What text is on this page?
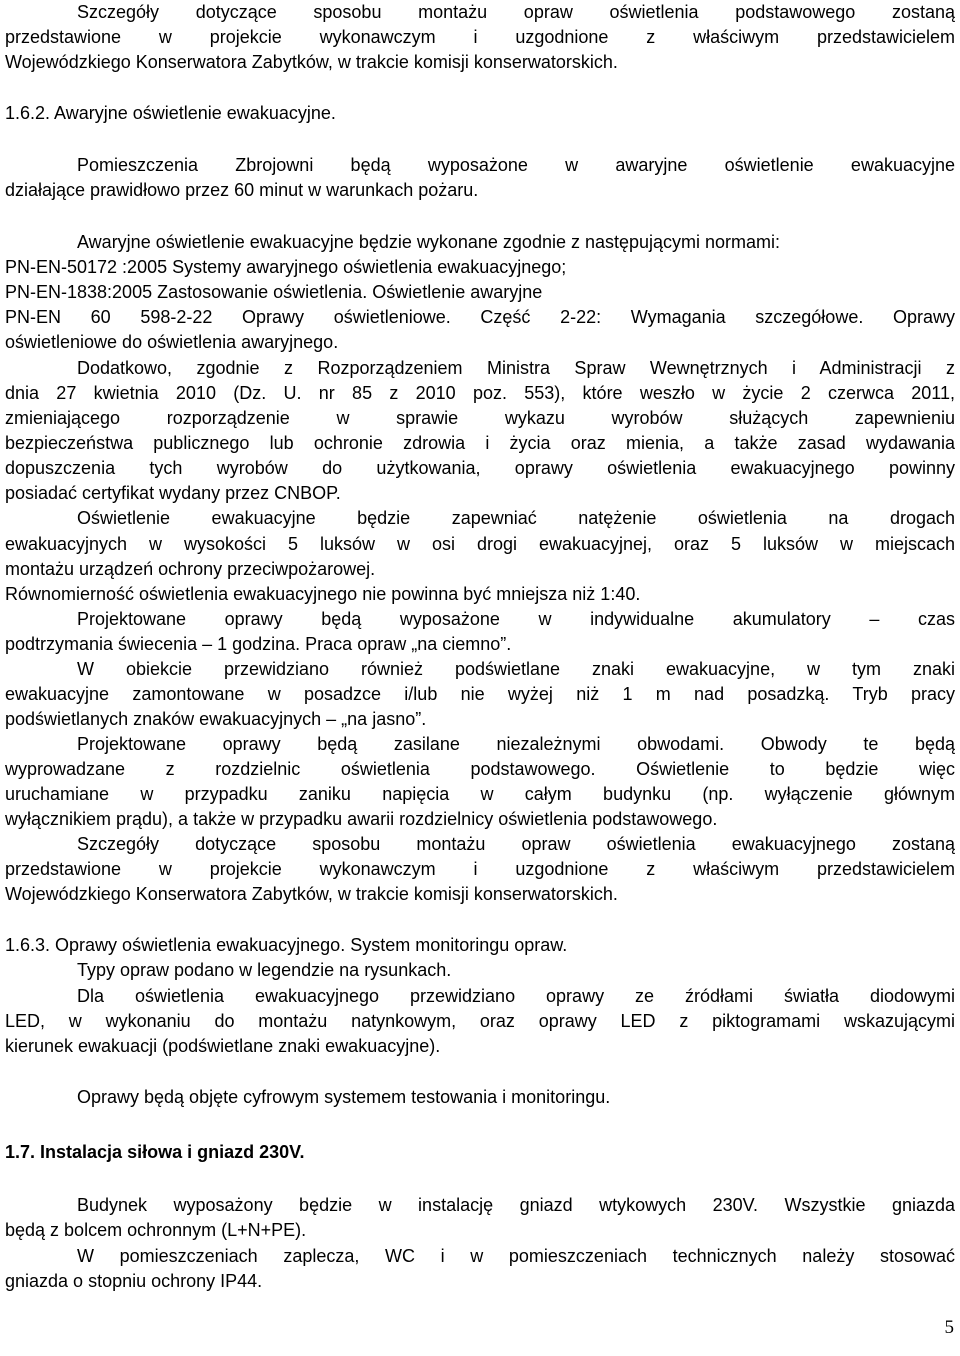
Szczegóły dotyczące sposobu montażu opraw oświetlenia podstawowego zostaną
przedstawione w projekcie wykonawczym i uzgodnione z właściwym przedstawicielem
Wojewódzkiego Konserwatora Zabytków, w trakcie komisji konserwatorskich.
1.6.2. Awaryjne oświetlenie ewakuacyjne.
Pomieszczenia Zbrojowni będą wyposażone w awaryjne oświetlenie ewakuacyjne
działające prawidłowo przez 60 minut w warunkach pożaru.
Awaryjne oświetlenie ewakuacyjne będzie wykonane zgodnie z następującymi normami:
PN-EN-50172 :2005 Systemy awaryjnego oświetlenia ewakuacyjnego;
PN-EN-1838:2005 Zastosowanie oświetlenia. Oświetlenie awaryjne
PN-EN 60 598-2-22 Oprawy oświetleniowe. Część 2-22: Wymagania szczegółowe. Oprawy
oświetleniowe do oświetlenia awaryjnego.
Dodatkowo, zgodnie z Rozporządzeniem Ministra Spraw Wewnętrznych i Administracji z
dnia 27 kwietnia 2010 (Dz. U. nr 85 z 2010 poz. 553), które weszło w życie 2 czerwca 2011,
zmieniającego rozporządzenie w sprawie wykazu wyrobów służących zapewnieniu
bezpieczeństwa publicznego lub ochronie zdrowia i życia oraz mienia, a także zasad wydawania
dopuszczenia tych wyrobów do użytkowania, oprawy oświetlenia ewakuacyjnego powinny
posiadać certyfikat wydany przez CNBOP.
Oświetlenie ewakuacyjne będzie zapewniać natężenie oświetlenia na drogach
ewakuacyjnych w wysokości 5 luksów w osi drogi ewakuacyjnej, oraz 5 luksów w miejscach
montażu urządzeń ochrony przeciwpożarowej.
Równomierność oświetlenia ewakuacyjnego nie powinna być mniejsza niż 1:40.
Projektowane oprawy będą wyposażone w indywidualne akumulatory – czas
podtrzymania świecenia – 1 godzina. Praca opraw „na ciemno”.
W obiekcie przewidziano również podświetlane znaki ewakuacyjne, w tym znaki
ewakuacyjne zamontowane w posadzce i/lub nie wyżej niż 1 m nad posadzką. Tryb pracy
podświetlanych znaków ewakuacyjnych – „na jasno”.
Projektowane oprawy będą zasilane niezależnymi obwodami. Obwody te będą
wyprowadzane z rozdzielnic oświetlenia podstawowego. Oświetlenie to będzie więc
uruchamiane w przypadku zaniku napięcia w całym budynku (np. wyłączenie głównym
wyłącznikiem prądu), a także w przypadku awarii rozdzielnicy oświetlenia podstawowego.
Szczegóły dotyczące sposobu montażu opraw oświetlenia ewakuacyjnego zostaną
przedstawione w projekcie wykonawczym i uzgodnione z właściwym przedstawicielem
Wojewódzkiego Konserwatora Zabytków, w trakcie komisji konserwatorskich.
1.6.3. Oprawy oświetlenia ewakuacyjnego. System monitoringu opraw.
Typy opraw podano w legendzie na rysunkach.
Dla oświetlenia ewakuacyjnego przewidziano oprawy ze źródłami światła diodowymi
LED, w wykonaniu do montażu natynkowym, oraz oprawy LED z piktogramami wskazującymi
kierunek ewakuacji (podświetlane znaki ewakuacyjne).
Oprawy będą objęte cyfrowym systemem testowania i monitoringu.
1.7. Instalacja siłowa i gniazd 230V.
Budynek wyposażony będzie w instalację gniazd wtykowych 230V. Wszystkie gniazda
będą z bolcem ochronnym (L+N+PE).
W pomieszczeniach zaplecza, WC i w pomieszczeniach technicznych należy stosować
gniazda o stopniu ochrony IP44.
5
